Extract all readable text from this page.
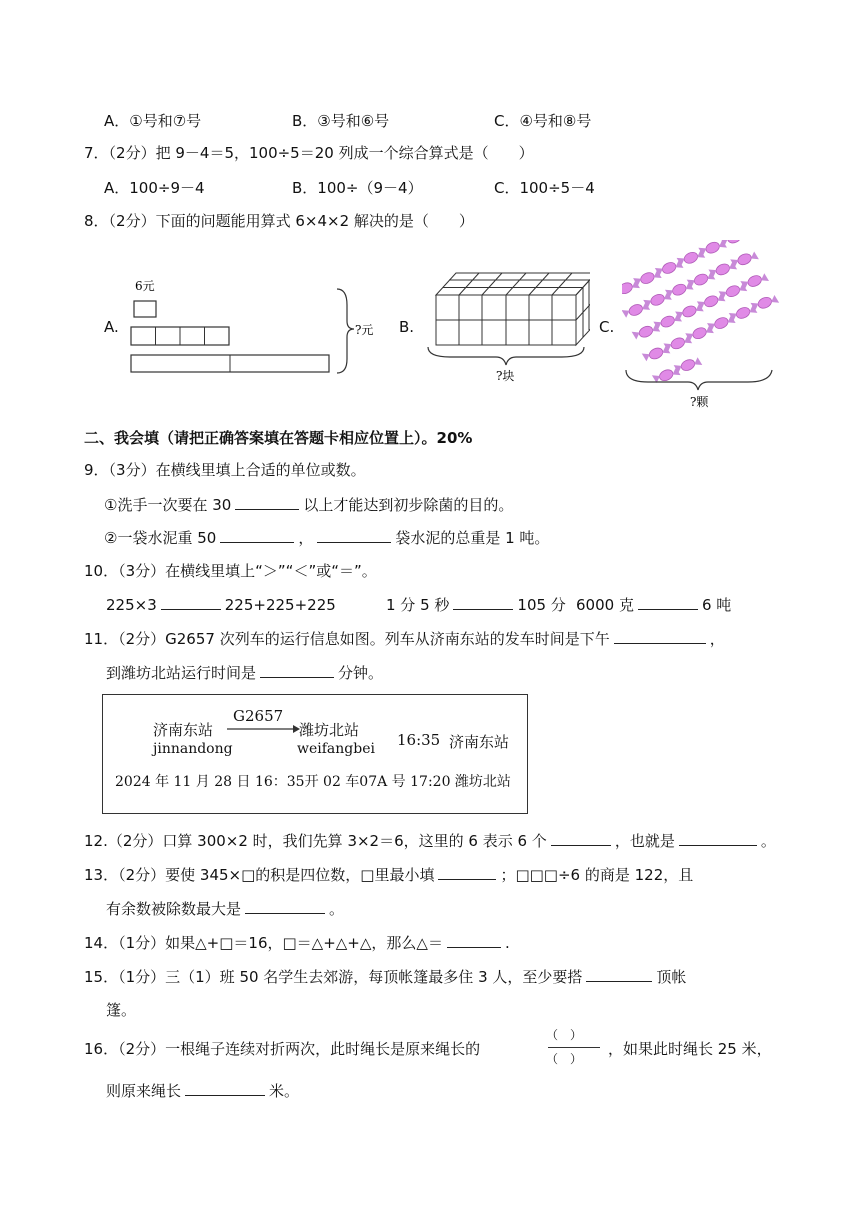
A．①号和⑦号	B．③号和⑥号	C．④号和⑧号
7．（2分）把 9－4＝5，100÷5＝20 列成一个综合算式是（　　）
A．100÷9－4	B．100÷（9－4）	C．100÷5－4
8．（2分）下面的问题能用算式 6×4×2 解决的是（　　）
A.
6元
?元 B.
?块
C.
?颗
二、我会填（请把正确答案填在答题卡相应位置上）。20%
9．（3分）在横线里填上合适的单位或数。
①洗手一次要在 30	以上才能达到初步除菌的目的。
②一袋水泥重 50	，	袋水泥的总重是 1 吨。
10．（3分）在横线里填上“＞”“＜”或“＝”。
225×3	225+225+225	1 分 5 秒	105 分 6000 克	6 吨
11．（2分）G2657 次列车的运行信息如图。列车从济南东站的发车时间是下午	，
到潍坊北站运行时间是	分钟。
济南东站
jinnandong
G2657
潍坊北站
weifangbei 16:35 济南东站
2024 年 11 月 28 日 16：35开 02 车07A 号 17:20 潍坊北站
12.（2分）口算 300×2 时，我们先算 3×2＝6，这里的 6 表示 6 个	，也就是	。
13．（2分）要使 345×□的积是四位数，□里最小填	；□□□÷6 的商是 122，且
有余数被除数最大是	。
14．（1分）如果△+□＝16，□＝△+△+△，那么△＝	.
15．（1分）三（1）班 50 名学生去郊游，每顶帐篷最多住 3 人，至少要搭	顶帐
篷。
16．（2分）一根绳子连续对折两次，此时绳长是原来绳长的
（　）
（　）
，如果此时绳长 25 米，
则原来绳长	米。
